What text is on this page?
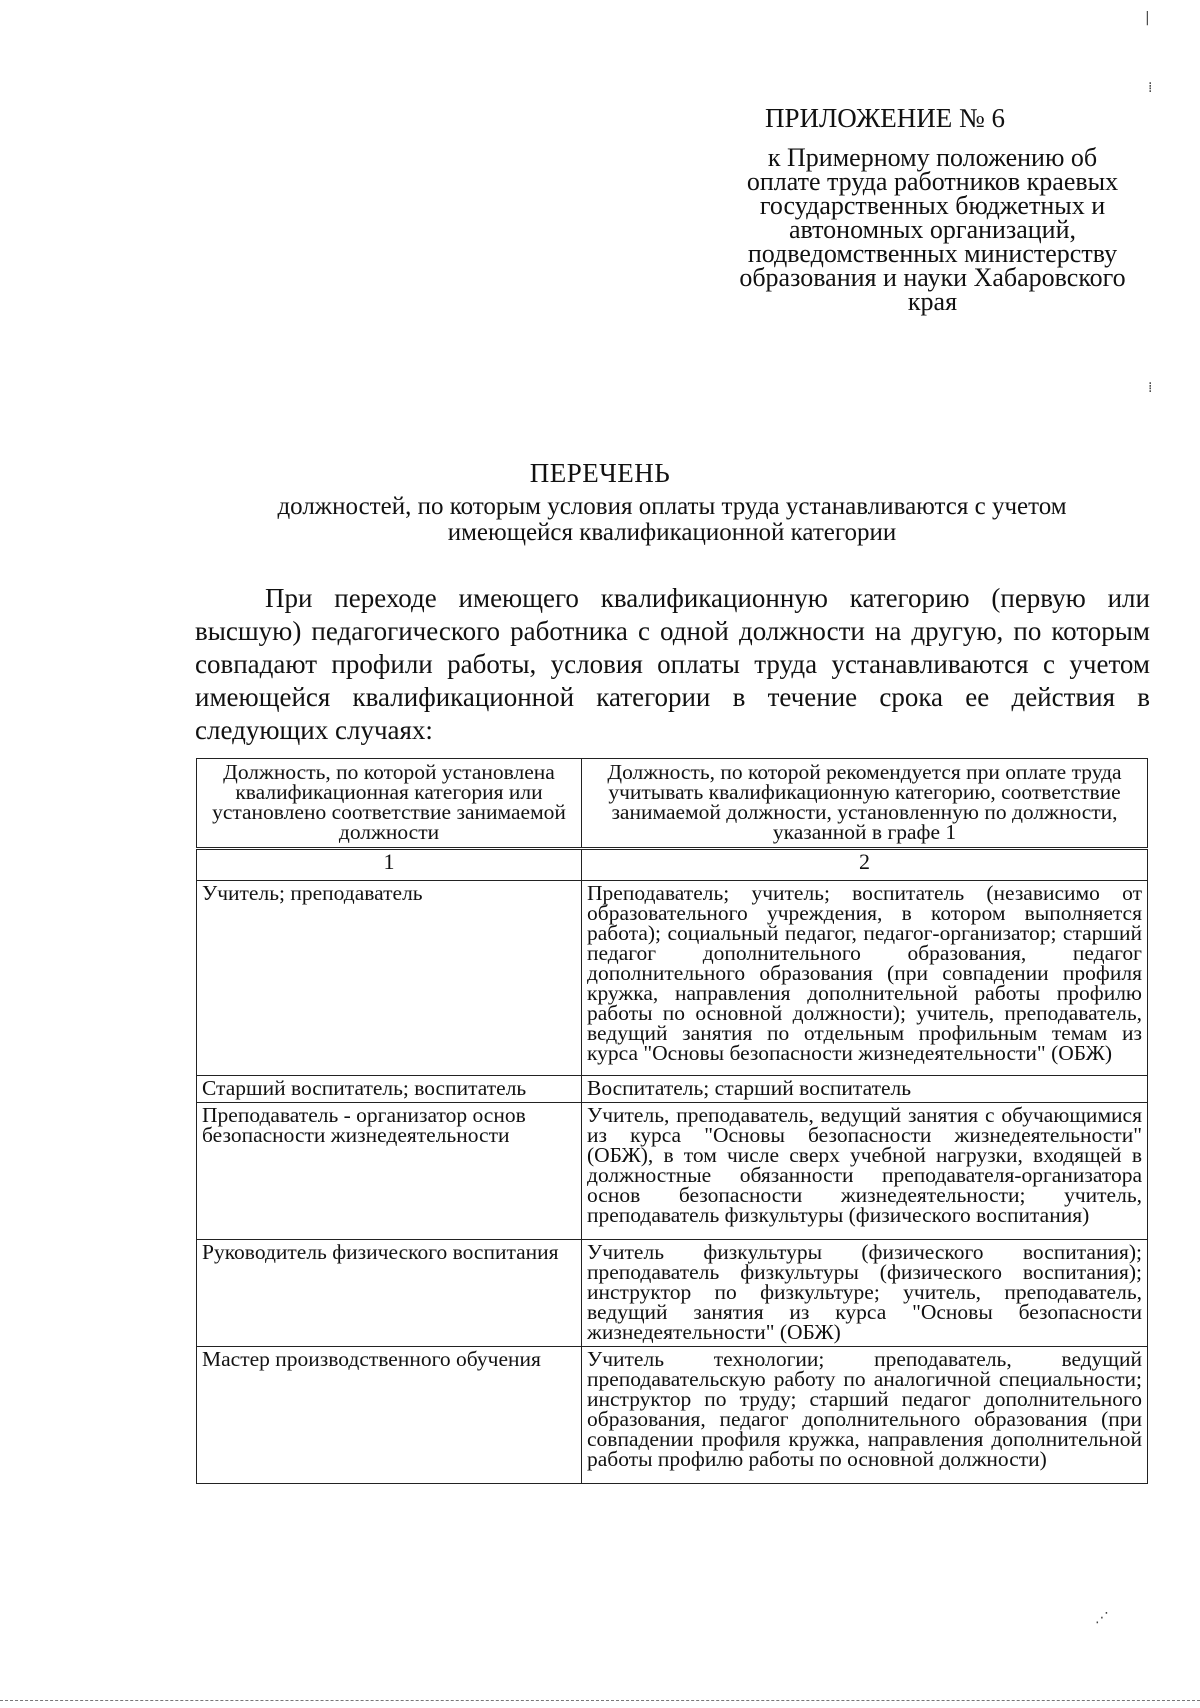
ПРИЛОЖЕНИЕ № 6
к Примерному положению об оплате труда работников краевых государственных бюджетных и автономных организаций, подведомственных министерству образования и науки Хабаровского края
ПЕРЕЧЕНЬ
должностей, по которым условия оплаты труда устанавливаются с учетом имеющейся квалификационной категории
При переходе имеющего квалификационную категорию (первую или высшую) педагогического работника с одной должности на другую, по которым совпадают профили работы, условия оплаты труда устанавливаются с учетом имеющейся квалификационной категории в течение срока ее действия в следующих случаях:
Должность, по которой установлена квалификационная категория или установлено соответствие занимаемой должности	Должность, по которой рекомендуется при оплате труда учитывать квалификационную категорию, соответствие занимаемой должности, установленную по должности, указанной в графе 1
1	2
Учитель; преподаватель	Преподаватель; учитель; воспитатель (независимо от образовательного учреждения, в котором выполняется работа); социальный педагог, педагог-организатор; старший педагог дополнительного образования, педагог дополнительного образования (при совпадении профиля кружка, направления дополнительной работы профилю работы по основной должности); учитель, преподаватель, ведущий занятия по отдельным профильным темам из курса "Основы безопасности жизнедеятельности" (ОБЖ)
Старший воспитатель; воспитатель	Воспитатель; старший воспитатель
Преподаватель - организатор основ безопасности жизнедеятельности	Учитель, преподаватель, ведущий занятия с обучающимися из курса "Основы безопасности жизнедеятельности" (ОБЖ), в том числе сверх учебной нагрузки, входящей в должностные обязанности преподавателя-организатора основ безопасности жизнедеятельности; учитель, преподаватель физкультуры (физического воспитания)
Руководитель физического воспитания	Учитель физкультуры (физического воспитания); преподаватель физкультуры (физического воспитания); инструктор по физкультуре; учитель, преподаватель, ведущий занятия из курса "Основы безопасности жизнедеятельности" (ОБЖ)
Мастер производственного обучения	Учитель технологии; преподаватель, ведущий преподавательскую работу по аналогичной специальности; инструктор по труду; старший педагог дополнительного образования, педагог дополнительного образования (при совпадении профиля кружка, направления дополнительной работы профилю работы по основной должности)
|
⁞
⁞
⋰
